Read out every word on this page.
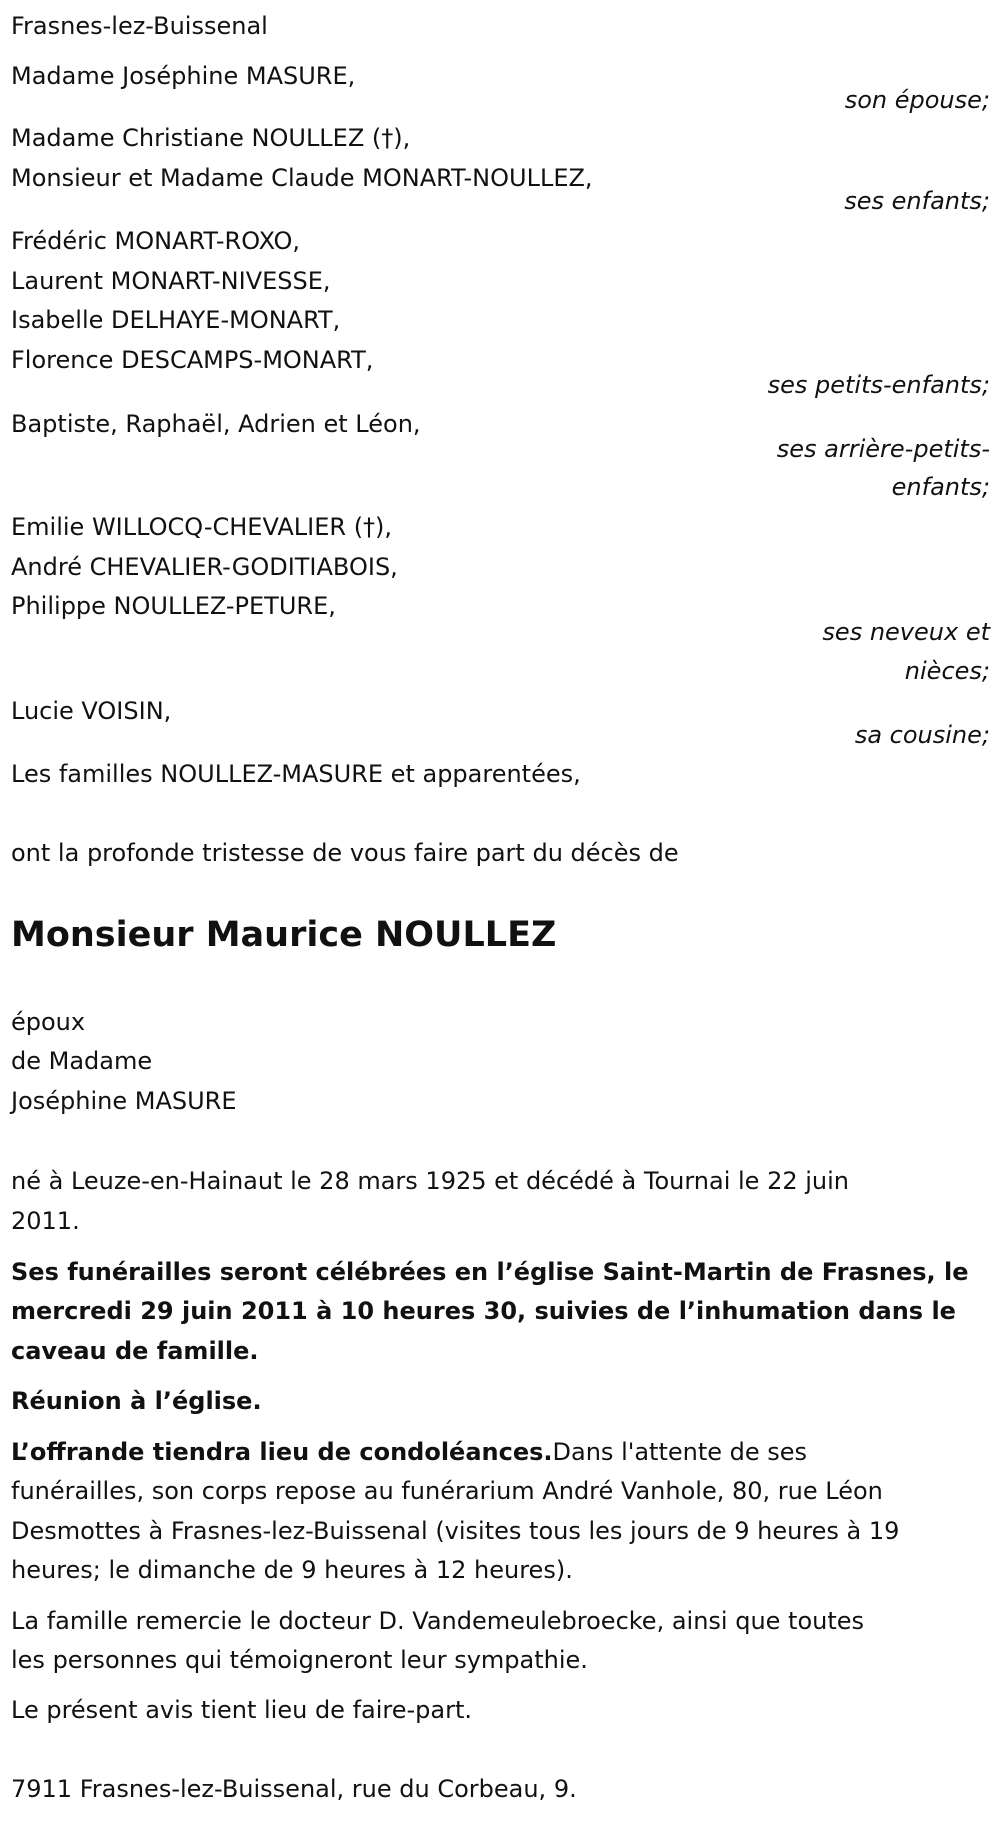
Frasnes-lez-Buissenal
Madame Joséphine MASURE,
son épouse;
Madame Christiane NOULLEZ (†),
Monsieur et Madame Claude MONART-NOULLEZ,
ses enfants;
Frédéric MONART-ROXO,
Laurent MONART-NIVESSE,
Isabelle DELHAYE-MONART,
Florence DESCAMPS-MONART,
ses petits-enfants;
Baptiste, Raphaël, Adrien et Léon,
ses arrière-petits-
enfants;
Emilie WILLOCQ-CHEVALIER (†),
André CHEVALIER-GODITIABOIS,
Philippe NOULLEZ-PETURE,
ses neveux et
nièces;
Lucie VOISIN,
sa cousine;
Les familles NOULLEZ-MASURE et apparentées,
ont la profonde tristesse de vous faire part du décès de
Monsieur Maurice NOULLEZ
époux
de Madame
Joséphine MASURE
né à Leuze-en-Hainaut le 28 mars 1925 et décédé à Tournai le 22 juin
2011.
Ses funérailles seront célébrées en l’église Saint-Martin de Frasnes, le
mercredi 29 juin 2011 à 10 heures 30, suivies de l’inhumation dans le
caveau de famille.
Réunion à l’église.
L’offrande tiendra lieu de condoléances.Dans l'attente de ses
funérailles, son corps repose au funérarium André Vanhole, 80, rue Léon
Desmottes à Frasnes-lez-Buissenal (visites tous les jours de 9 heures à 19
heures; le dimanche de 9 heures à 12 heures).
La famille remercie le docteur D. Vandemeulebroecke, ainsi que toutes
les personnes qui témoigneront leur sympathie.
Le présent avis tient lieu de faire-part.
7911 Frasnes-lez-Buissenal, rue du Corbeau, 9.
